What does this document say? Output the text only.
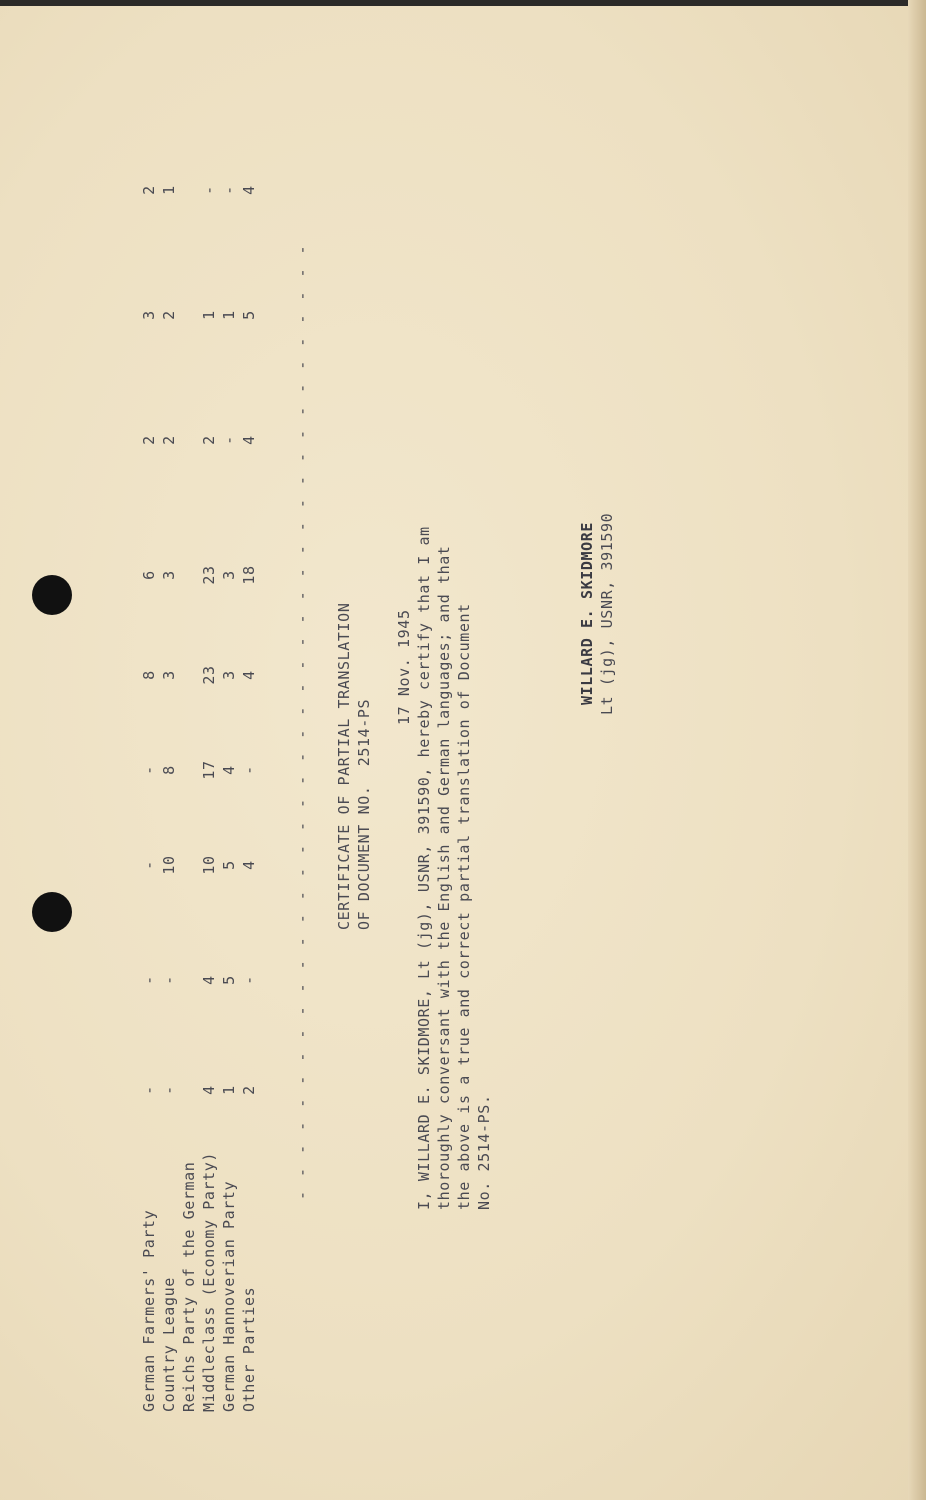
German Farmers' Party Country League Reichs Party of the German Middleclass (Economy Party) German Hannoverian Party Other Parties
-
-
-
-
8
6
2
3
2
-
-
10
8
3
3
2
2
1
4
4
10
17
23
23
2
1
-
1
5
5
4
3
3
-
1
-
2
-
4
-
4
18
4
5
4
- - - - - - - - - - - - - - - - - - - - - - - - - - - - - - - - - - - - - - - - - - CERTIFICATE OF PARTIAL TRANSLATION OF DOCUMENT NO.  2514-PS
17 Nov. 1945 I, WILLARD E. SKIDMORE, Lt (jg), USNR, 391590, hereby certify that I am thoroughly conversant with the English and German languages; and that the above is a true and correct partial translation of Document No. 2514-PS.
WILLARD E. SKIDMORE Lt (jg), USNR, 391590
